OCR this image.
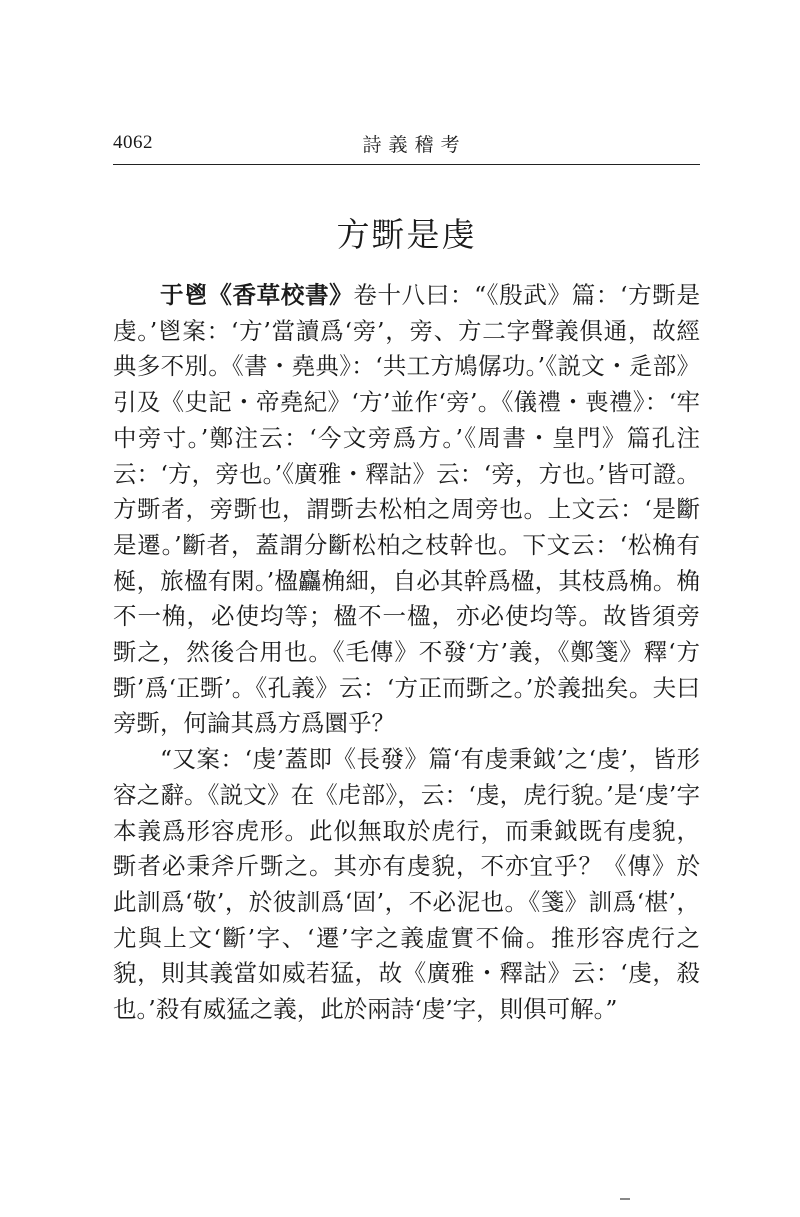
4062	詩義稽考
方斲是虔

于鬯《香草校書》卷十八曰：“《殷武》篇：‘方斲是虔。’鬯案：‘方’當讀爲‘旁’，旁、方二字聲義俱通，故經典多不別。《書・堯典》：‘共工方鳩僝功。’《説文・辵部》引及《史記・帝堯紀》‘方’並作‘旁’。《儀禮・喪禮》：‘牢中旁寸。’鄭注云：‘今文旁爲方。’《周書・皇門》篇孔注云：‘方，旁也。’《廣雅・釋詁》云：‘旁，方也。’皆可證。方斲者，旁斲也，謂斲去松柏之周旁也。上文云：‘是斷是遷。’斷者，蓋謂分斷松柏之枝幹也。下文云：‘松桷有梴，旅楹有閑。’楹麤桷細，自必其幹爲楹，其枝爲桷。桷不一桷，必使均等；楹不一楹，亦必使均等。故皆須旁斲之，然後合用也。《毛傳》不發‘方’義，《鄭箋》釋‘方斲’爲‘正斲’。《孔義》云：‘方正而斲之。’於義拙矣。夫曰旁斲，何論其爲方爲圜乎？

“又案：‘虔’蓋即《長發》篇‘有虔秉鉞’之‘虔’，皆形容之辭。《説文》在《虍部》，云：‘虔，虎行貌。’是‘虔’字本義爲形容虎形。此似無取於虎行，而秉鉞既有虔貌，斲者必秉斧斤斲之。其亦有虔貌，不亦宜乎？《傳》於此訓爲‘敬’，於彼訓爲‘固’，不必泥也。《箋》訓爲‘椹’，尤與上文‘斷’字、‘遷’字之義虛實不倫。推形容虎行之貌，則其義當如威若猛，故《廣雅・釋詁》云：‘虔，殺也。’殺有威猛之義，此於兩詩‘虔’字，則俱可解。”
